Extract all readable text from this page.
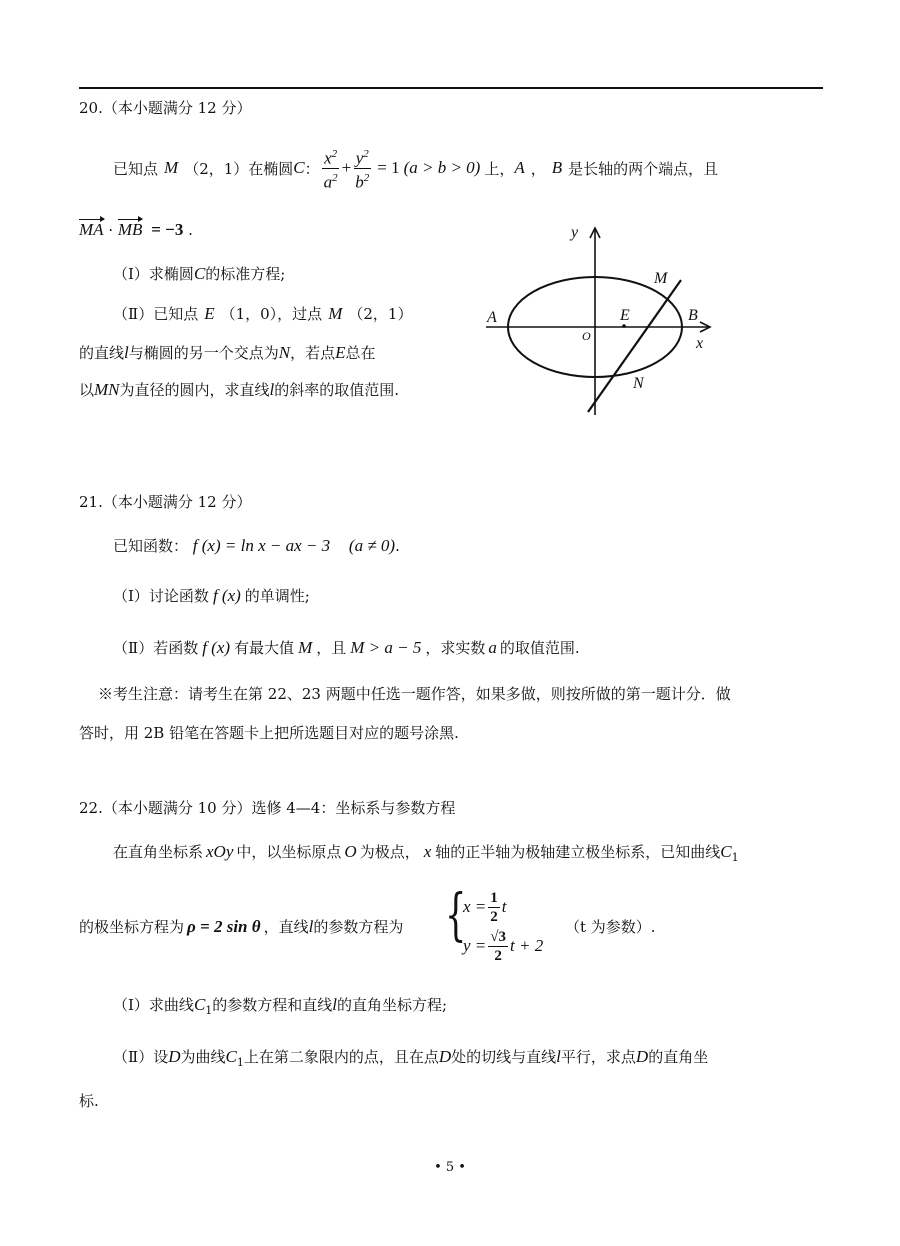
20.（本小题满分 12 分）
已知点 M （2，1）在椭圆 C ： $\frac{x^2}{a^2} + \frac{y^2}{b^2} = 1$ (a > b > 0) 上， A ， B 是长轴的两个端点，且
MA · MB = −3 .
（Ⅰ）求椭圆C的标准方程;
（Ⅱ）已知点 E （1，0），过点 M （2，1）
的直线l与椭圆的另一个交点为N，若点E总在
以MN为直径的圆内，求直线l的斜率的取值范围.
y
x
A	B
E
O
M
N
21.（本小题满分 12 分）
已知函数： f (x) = ln x − ax − 3 (a ≠ 0).
（Ⅰ）讨论函数 f (x) 的单调性;
（Ⅱ）若函数 f (x) 有最大值 M ，且 M > a − 5 ，求实数 a 的取值范围.
※考生注意：请考生在第 22、23 两题中任选一题作答，如果多做，则按所做的第一题计分．做
答时，用 2B 铅笔在答题卡上把所选题目对应的题号涂黑.
22.（本小题满分 10 分）选修 4—4：坐标系与参数方程
在直角坐标系 xOy 中，以坐标原点 O 为极点， x 轴的正半轴为极轴建立极坐标系，已知曲线$C_1$
的极坐标方程为 ρ = 2 sin θ ，直线l的参数方程为 {
$x = \frac{1}{2}$ t
$y = \frac{√3}{2}$ t + 2
（t 为参数）.
（Ⅰ）求曲线$C_1$的参数方程和直线l的直角坐标方程;
（Ⅱ）设D为曲线$C_1$上在第二象限内的点，且在点D处的切线与直线l平行，求点D的直角坐
标.
• 5 •
